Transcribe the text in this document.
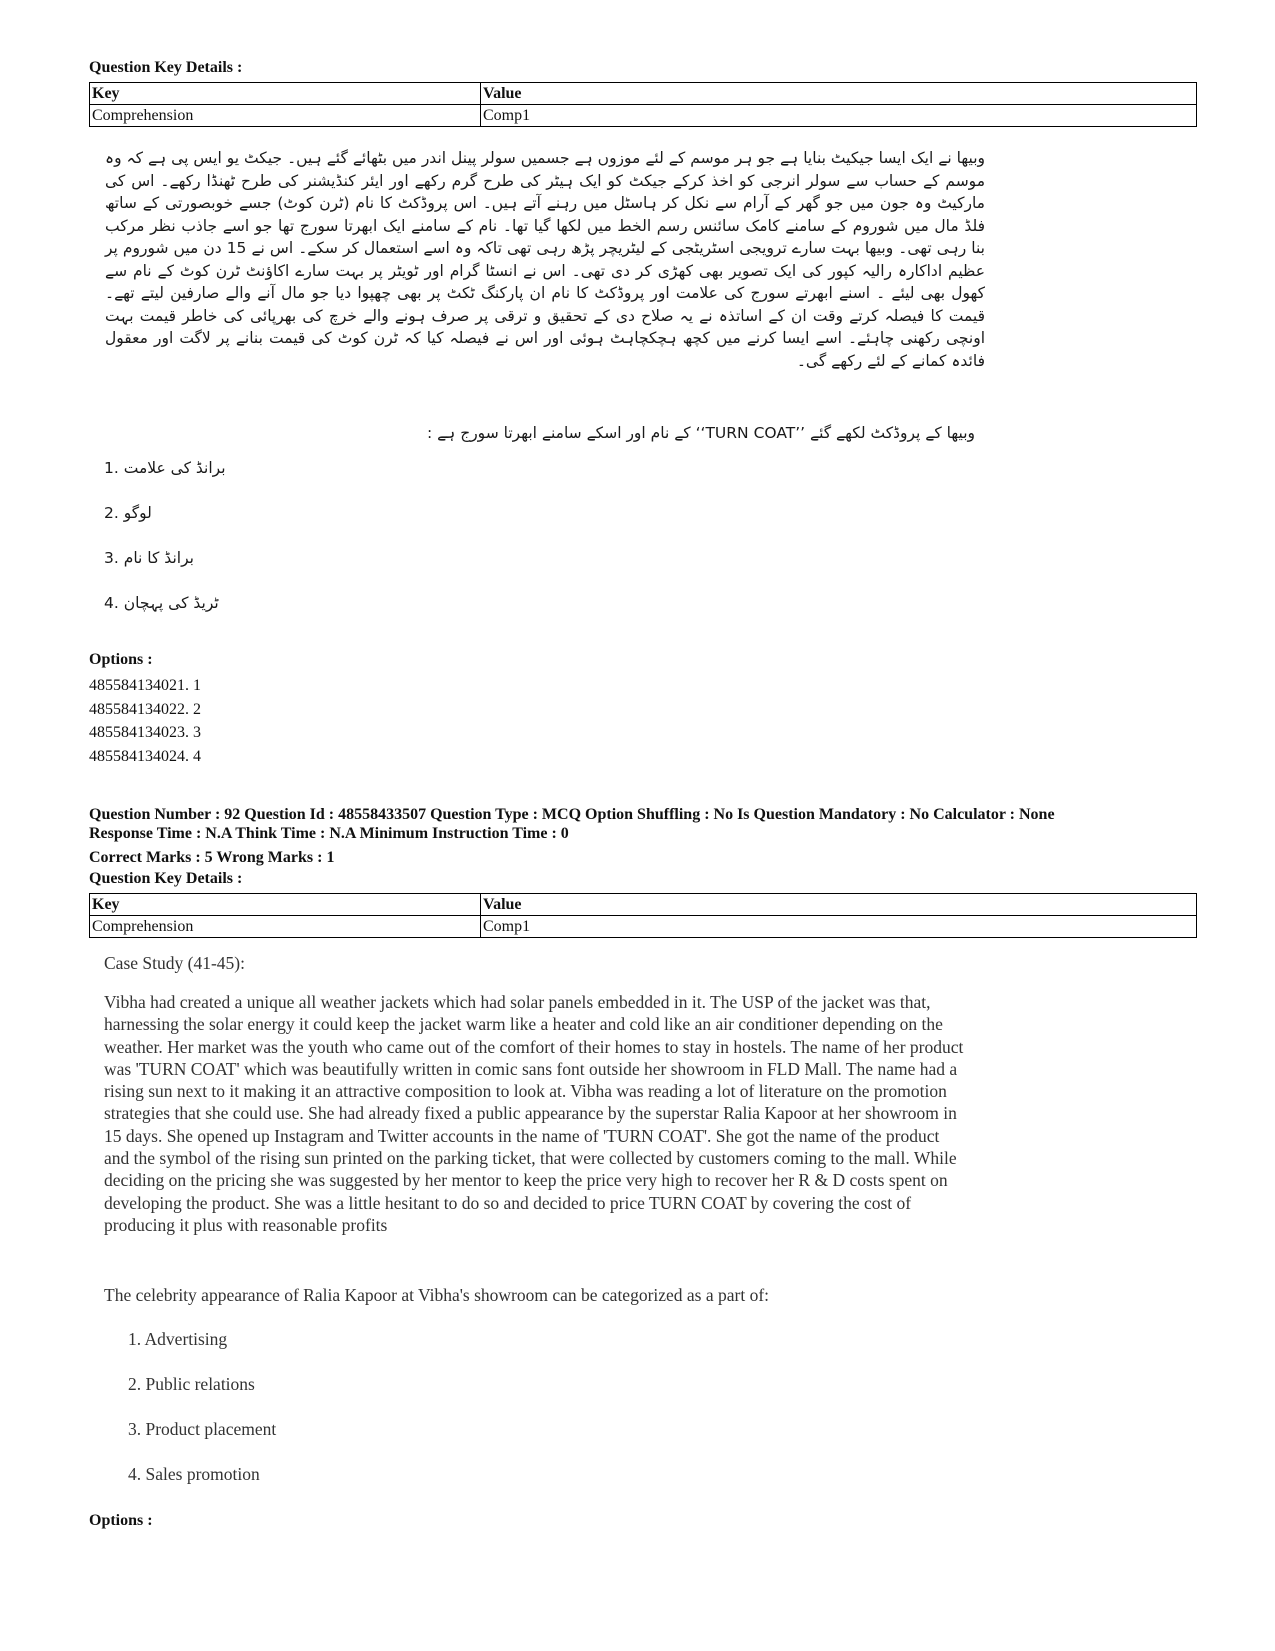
Question Key Details :

Key	Value
Comprehension	Comp1
وبیھا نے ایک ایسا جیکیٹ بنایا ہے جو ہر موسم کے لئے موزوں ہے جسمیں سولر پینل اندر میں بٹھائے گئے ہیں۔ جیکٹ یو ایس پی ہے کہ وہ موسم کے حساب سے سولر انرجی کو اخذ کرکے جیکٹ کو ایک ہیٹر کی طرح گرم رکھے اور ایئر کنڈیشنر کی طرح ٹھنڈا رکھے۔ اس کی مارکیٹ وہ جون میں جو گھر کے آرام سے نکل کر ہاسٹل میں رہنے آتے ہیں۔ اس پروڈکٹ کا نام (ٹرن کوٹ) جسے خوبصورتی کے ساتھ فلڈ مال میں شوروم کے سامنے کامک سائنس رسم الخط میں لکھا گیا تھا۔ نام کے سامنے ایک ابھرتا سورج تھا جو اسے جاذب نظر مرکب بنا رہی تھی۔ وبیھا بہت سارے ترویجی اسٹریٹجی کے لیٹریچر پڑھ رہی تھی تاکہ وہ اسے استعمال کر سکے۔ اس نے 15 دن میں شوروم پر عظیم اداکارہ رالیہ کپور کی ایک تصویر بھی کھڑی کر دی تھی۔ اس نے انسٹا گرام اور ٹویٹر پر بہت سارے اکاؤنٹ ٹرن کوٹ کے نام سے کھول بھی لیئے ۔ اسنے ابھرتے سورج کی علامت اور پروڈکٹ کا نام ان پارکنگ ٹکٹ پر بھی چھپوا دیا جو مال آنے والے صارفین لیتے تھے۔ قیمت کا فیصلہ کرتے وقت ان کے اساتذہ نے یہ صلاح دی کے تحقیق و ترقی پر صرف ہونے والے خرچ کی بھرپائی کی خاطر قیمت بہت اونچی رکھنی چاہئے۔ اسے ایسا کرنے میں کچھ ہچکچاہٹ ہوئی اور اس نے فیصلہ کیا کہ ٹرن کوٹ کی قیمت بنانے پر لاگت اور معقول فائدہ کمانے کے لئے رکھے گی۔
وبیھا کے پروڈکٹ لکھے گئے ’’TURN COAT‘‘ کے نام اور اسکے سامنے ابھرتا سورج ہے :
1. برانڈ کی علامت
2. لوگو
3. برانڈ کا نام
4. ٹریڈ کی پہچان

Options :

485584134021. 1
485584134022. 2
485584134023. 3
485584134024. 4
Question Number : 92 Question Id : 48558433507 Question Type : MCQ Option Shuffling : No Is Question Mandatory : No Calculator : None
Response Time : N.A Think Time : N.A Minimum Instruction Time : 0
Correct Marks : 5 Wrong Marks : 1

Question Key Details :

Key	Value
Comprehension	Comp1
Case Study (41-45):
Vibha had created a unique all weather jackets which had solar panels embedded in it. The USP of the jacket was that, harnessing the solar energy it could keep the jacket warm like a heater and cold like an air conditioner depending on the weather. Her market was the youth who came out of the comfort of their homes to stay in hostels. The name of her product was 'TURN COAT' which was beautifully written in comic sans font outside her showroom in FLD Mall. The name had a rising sun next to it making it an attractive composition to look at. Vibha was reading a lot of literature on the promotion strategies that she could use. She had already fixed a public appearance by the superstar Ralia Kapoor at her showroom in 15 days. She opened up Instagram and Twitter accounts in the name of 'TURN COAT'. She got the name of the product and the symbol of the rising sun printed on the parking ticket, that were collected by customers coming to the mall. While deciding on the pricing she was suggested by her mentor to keep the price very high to recover her R & D costs spent on developing the product. She was a little hesitant to do so and decided to price TURN COAT by covering the cost of producing it plus with reasonable profits
The celebrity appearance of Ralia Kapoor at Vibha's showroom can be categorized as a part of:
1. Advertising
2. Public relations
3. Product placement
4. Sales promotion

Options :
